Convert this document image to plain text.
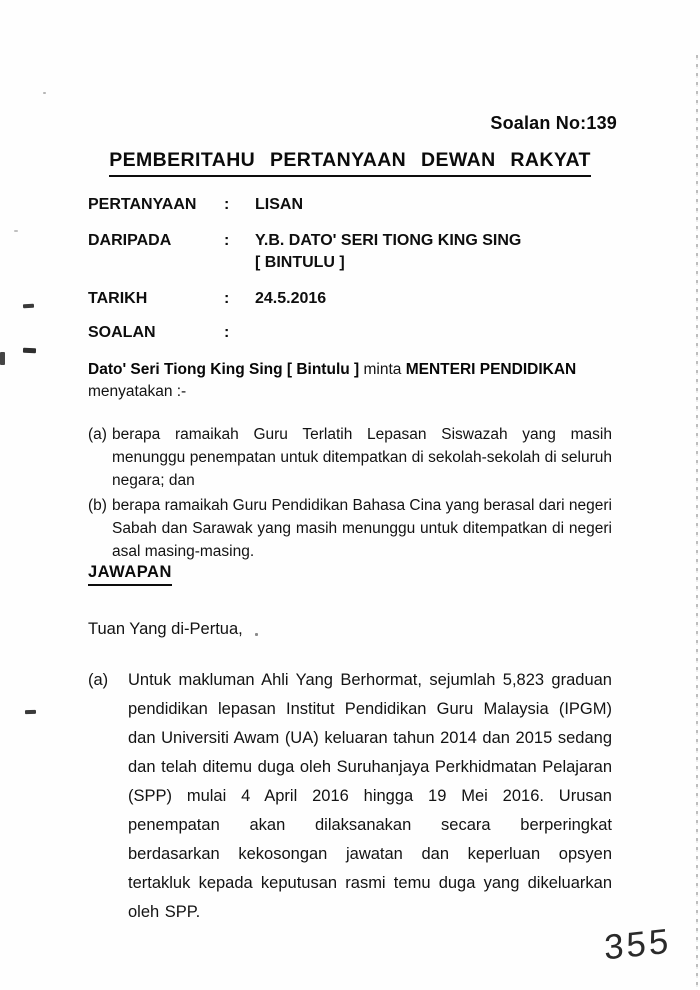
Soalan No:139
PEMBERITAHU PERTANYAAN DEWAN RAKYAT
PERTANYAAN	:	LISAN
DARIPADA	:	Y.B. DATO' SERI TIONG KING SING
[ BINTULU ]
TARIKH	:	24.5.2016
SOALAN	:
Dato' Seri Tiong King Sing [ Bintulu ] minta MENTERI PENDIDIKAN
menyatakan :-
(a) berapa ramaikah Guru Terlatih Lepasan Siswazah yang masih menunggu penempatan untuk ditempatkan di sekolah-sekolah di seluruh negara; dan
(b) berapa ramaikah Guru Pendidikan Bahasa Cina yang berasal dari negeri Sabah dan Sarawak yang masih menunggu untuk ditempatkan di negeri asal masing-masing.
JAWAPAN
Tuan Yang di-Pertua,
(a) Untuk makluman Ahli Yang Berhormat, sejumlah 5,823 graduan pendidikan lepasan Institut Pendidikan Guru Malaysia (IPGM) dan Universiti Awam (UA) keluaran tahun 2014 dan 2015 sedang dan telah ditemu duga oleh Suruhanjaya Perkhidmatan Pelajaran (SPP) mulai 4 April 2016 hingga 19 Mei 2016. Urusan penempatan akan dilaksanakan secara berperingkat berdasarkan kekosongan jawatan dan keperluan opsyen tertakluk kepada keputusan rasmi temu duga yang dikeluarkan oleh SPP.
355
